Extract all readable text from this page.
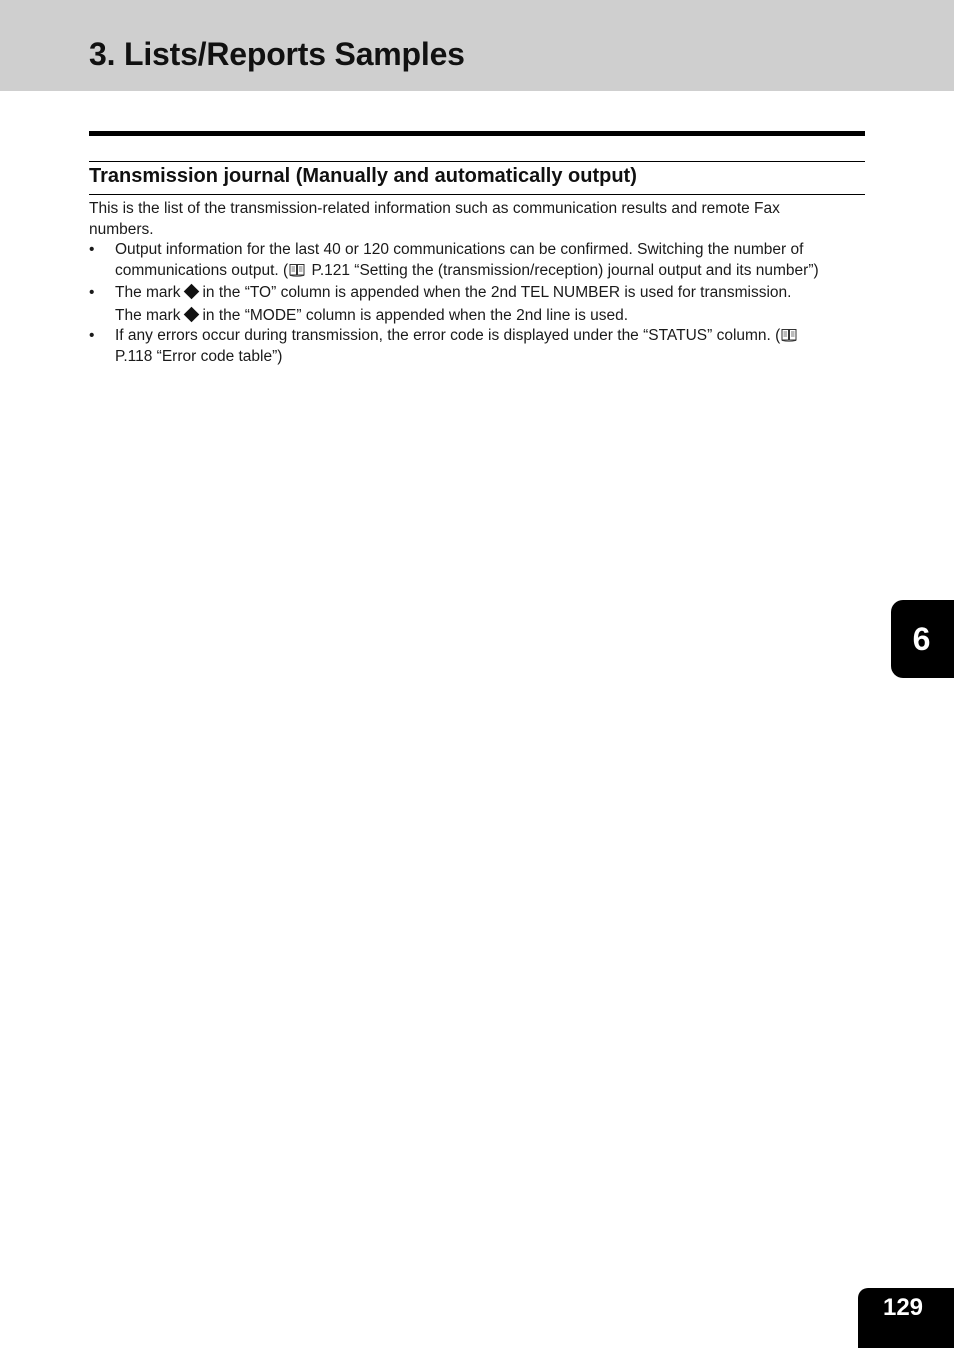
3. Lists/Reports Samples
Transmission journal (Manually and automatically output)

This is the list of the transmission-related information such as communication results and remote Fax
numbers.

• Output information for the last 40 or 120 communications can be confirmed. Switching the number of
communications output. ( P.121 “Setting the (transmission/reception) journal output and its number”)
• The mark in the “TO” column is appended when the 2nd TEL NUMBER is used for transmission.
The mark in the “MODE” column is appended when the 2nd line is used.
• If any errors occur during transmission, the error code is displayed under the “STATUS” column. (
P.118 “Error code table”)
6
129
